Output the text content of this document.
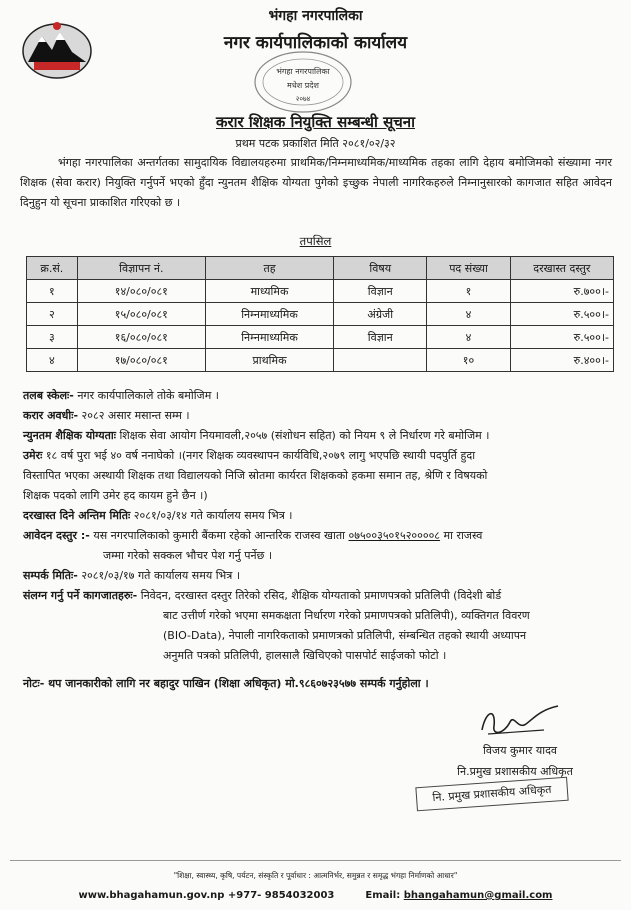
भंगहा नगरपालिका
नगर कार्यपालिकाको कार्यालय
भंगहा नगरपालिका
मधेश प्रदेश
२०७४
करार शिक्षक नियुक्ति सम्बन्धी सूचना
प्रथम पटक प्रकाशित मिति २०८१/०२/३२
भंगहा नगरपालिका अन्तर्गतका सामुदायिक विद्यालयहरुमा प्राथमिक/निम्नमाध्यमिक/माध्यमिक तहका लागि देहाय बमोजिमको संख्यामा नगर शिक्षक (सेवा करार) नियुक्ति गर्नुपर्ने भएको हुँदा न्युनतम शैक्षिक योग्यता पुगेको इच्छुक नेपाली नागरिकहरुले निम्नानुसारको कागजात सहित आवेदन दिनुहुन यो सूचना प्राकाशित गरिएको छ ।
तपसिल
क्र.सं.	विज्ञापन नं.	तह	विषय	पद संख्या	दरखास्त दस्तुर
१	१४/०८०/०८१	माध्यमिक	विज्ञान	१	रु.७००।-
२	१५/०८०/०८१	निम्नमाध्यमिक	अंग्रेजी	४	रु.५००।-
३	१६/०८०/०८१	निम्नमाध्यमिक	विज्ञान	४	रु.५००।-
४	१७/०८०/०८१	प्राथमिक		१०	रु.४००।-
तलब स्केलः- नगर कार्यपालिकाले तोके बमोजिम ।
करार अवधीः- २०८२ असार मसान्त सम्म ।
न्युनतम शैक्षिक योग्यताः शिक्षक सेवा आयोग नियमावली,२०५७ (संशोधन सहित) को नियम ९ ले निर्धारण गरे बमोजिम ।
उमेरः १८ वर्ष पुरा भई ४० वर्ष ननाघेको ।(नगर शिक्षक व्यवस्थापन कार्यविधि,२०७९ लागु भएपछि स्थायी पदपुर्ति हुदा
विस्तापित भएका अस्थायी शिक्षक तथा विद्यालयको निजि स्रोतमा कार्यरत शिक्षकको हकमा समान तह, श्रेणि र विषयको
शिक्षक पदको लागि उमेर हद कायम हुने छैन ।)
दरखास्त दिने अन्तिम मितिः २०८१/०३/१४ गते कार्यालय समय भित्र ।
आवेदन दस्तुर :- यस नगरपालिकाको कुमारी बैंकमा रहेको आन्तरिक राजस्व खाता ०७५००३५०१५२००००८ मा राजस्व
जम्मा गरेको सक्कल भौचर पेश गर्नु पर्नेछ ।
सम्पर्क मितिः- २०८१/०३/१७ गते कार्यालय समय भित्र ।
संलग्न गर्नु पर्ने कागजातहरुः- निवेदन, दरखास्त दस्तुर तिरेको रसिद, शैक्षिक योग्यताको प्रमाणपत्रको प्रतिलिपी (विदेशी बोर्ड
बाट उत्तीर्ण गरेको भएमा समकक्षता निर्धारण गरेको प्रमाणपत्रको प्रतिलिपी), व्यक्तिगत विवरण
(BIO-Data), नेपाली नागरिकताको प्रमाणत्रको प्रतिलिपी, संम्बन्धित तहको स्थायी अध्यापन
अनुमति पत्रको प्रतिलिपी, हालसालै खिचिएको पासपोर्ट साईजको फोटो ।
नोटः- थप जानकारीको लागि नर बहादुर पाखिन (शिक्षा अधिकृत) मो.९८६०७२३५७७ सम्पर्क गर्नुहोला ।
विजय कुमार यादव
नि.प्रमुख प्रशासकीय अधिकृत
नि. प्रमुख प्रशासकीय अधिकृत
"शिक्षा, स्वास्थ्य, कृषि, पर्यटन, संस्कृति र पूर्वाधार : आत्मनिर्भर, समुन्नत र समृद्ध भंगहा निर्माणको आधार"
www.bhagahamun.gov.np +977- 9854032003	Email: bhangahamun@gmail.com
